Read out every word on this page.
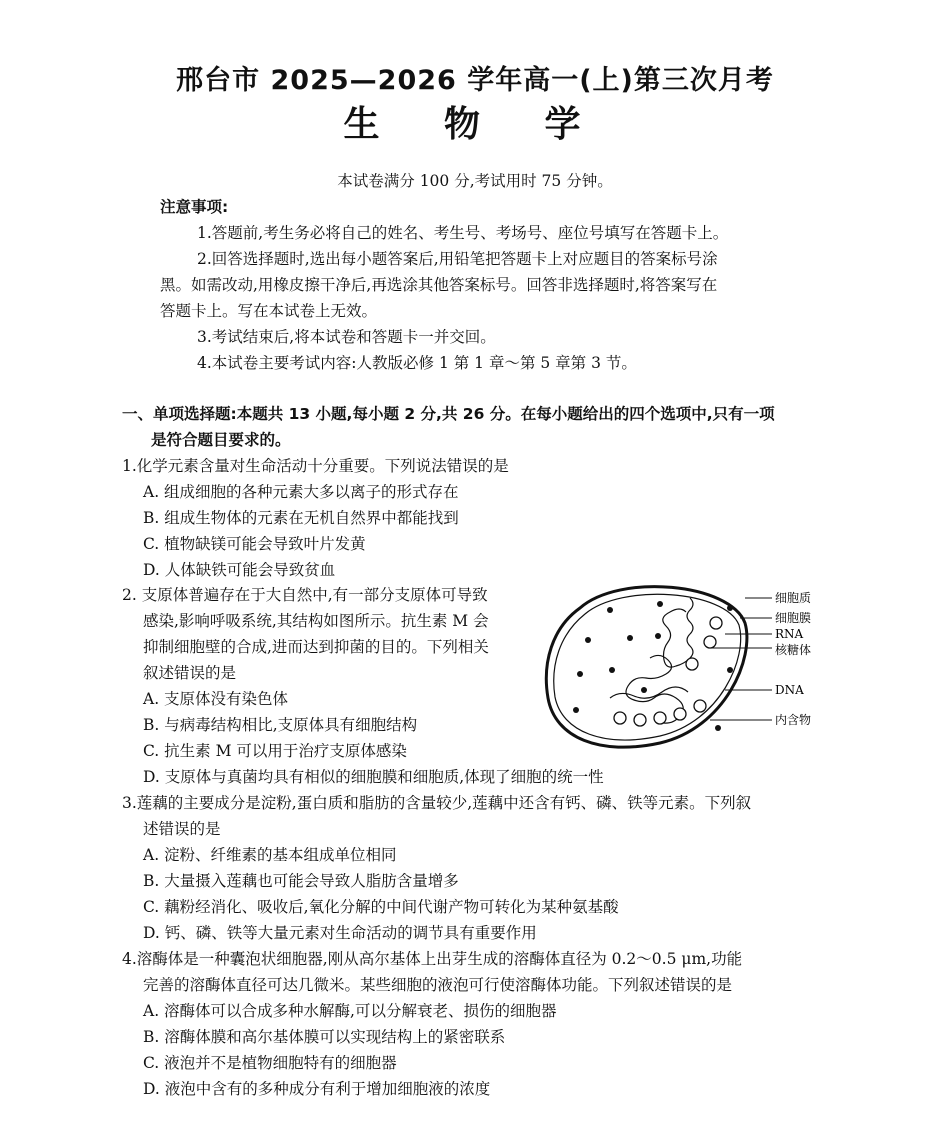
邢台市 2025—2026 学年高一(上)第三次月考
生 物 学
本试卷满分 100 分,考试用时 75 分钟。
注意事项:
1.答题前,考生务必将自己的姓名、考生号、考场号、座位号填写在答题卡上。
2.回答选择题时,选出每小题答案后,用铅笔把答题卡上对应题目的答案标号涂
黑。如需改动,用橡皮擦干净后,再选涂其他答案标号。回答非选择题时,将答案写在
答题卡上。写在本试卷上无效。
3.考试结束后,将本试卷和答题卡一并交回。
4.本试卷主要考试内容:人教版必修 1 第 1 章～第 5 章第 3 节。
一、单项选择题:本题共 13 小题,每小题 2 分,共 26 分。在每小题给出的四个选项中,只有一项
是符合题目要求的。
1.化学元素含量对生命活动十分重要。下列说法错误的是
A. 组成细胞的各种元素大多以离子的形式存在
B. 组成生物体的元素在无机自然界中都能找到
C. 植物缺镁可能会导致叶片发黄
D. 人体缺铁可能会导致贫血
2. 支原体普遍存在于大自然中,有一部分支原体可导致
感染,影响呼吸系统,其结构如图所示。抗生素 M 会
抑制细胞壁的合成,进而达到抑菌的目的。下列相关
叙述错误的是
A. 支原体没有染色体
B. 与病毒结构相比,支原体具有细胞结构
C. 抗生素 M 可以用于治疗支原体感染
D. 支原体与真菌均具有相似的细胞膜和细胞质,体现了细胞的统一性
细胞质
细胞膜
RNA
核糖体
DNA
内含物
3.莲藕的主要成分是淀粉,蛋白质和脂肪的含量较少,莲藕中还含有钙、磷、铁等元素。下列叙
述错误的是
A. 淀粉、纤维素的基本组成单位相同
B. 大量摄入莲藕也可能会导致人脂肪含量增多
C. 藕粉经消化、吸收后,氧化分解的中间代谢产物可转化为某种氨基酸
D. 钙、磷、铁等大量元素对生命活动的调节具有重要作用
4.溶酶体是一种囊泡状细胞器,刚从高尔基体上出芽生成的溶酶体直径为 0.2～0.5 μm,功能
完善的溶酶体直径可达几微米。某些细胞的液泡可行使溶酶体功能。下列叙述错误的是
A. 溶酶体可以合成多种水解酶,可以分解衰老、损伤的细胞器
B. 溶酶体膜和高尔基体膜可以实现结构上的紧密联系
C. 液泡并不是植物细胞特有的细胞器
D. 液泡中含有的多种成分有利于增加细胞液的浓度
